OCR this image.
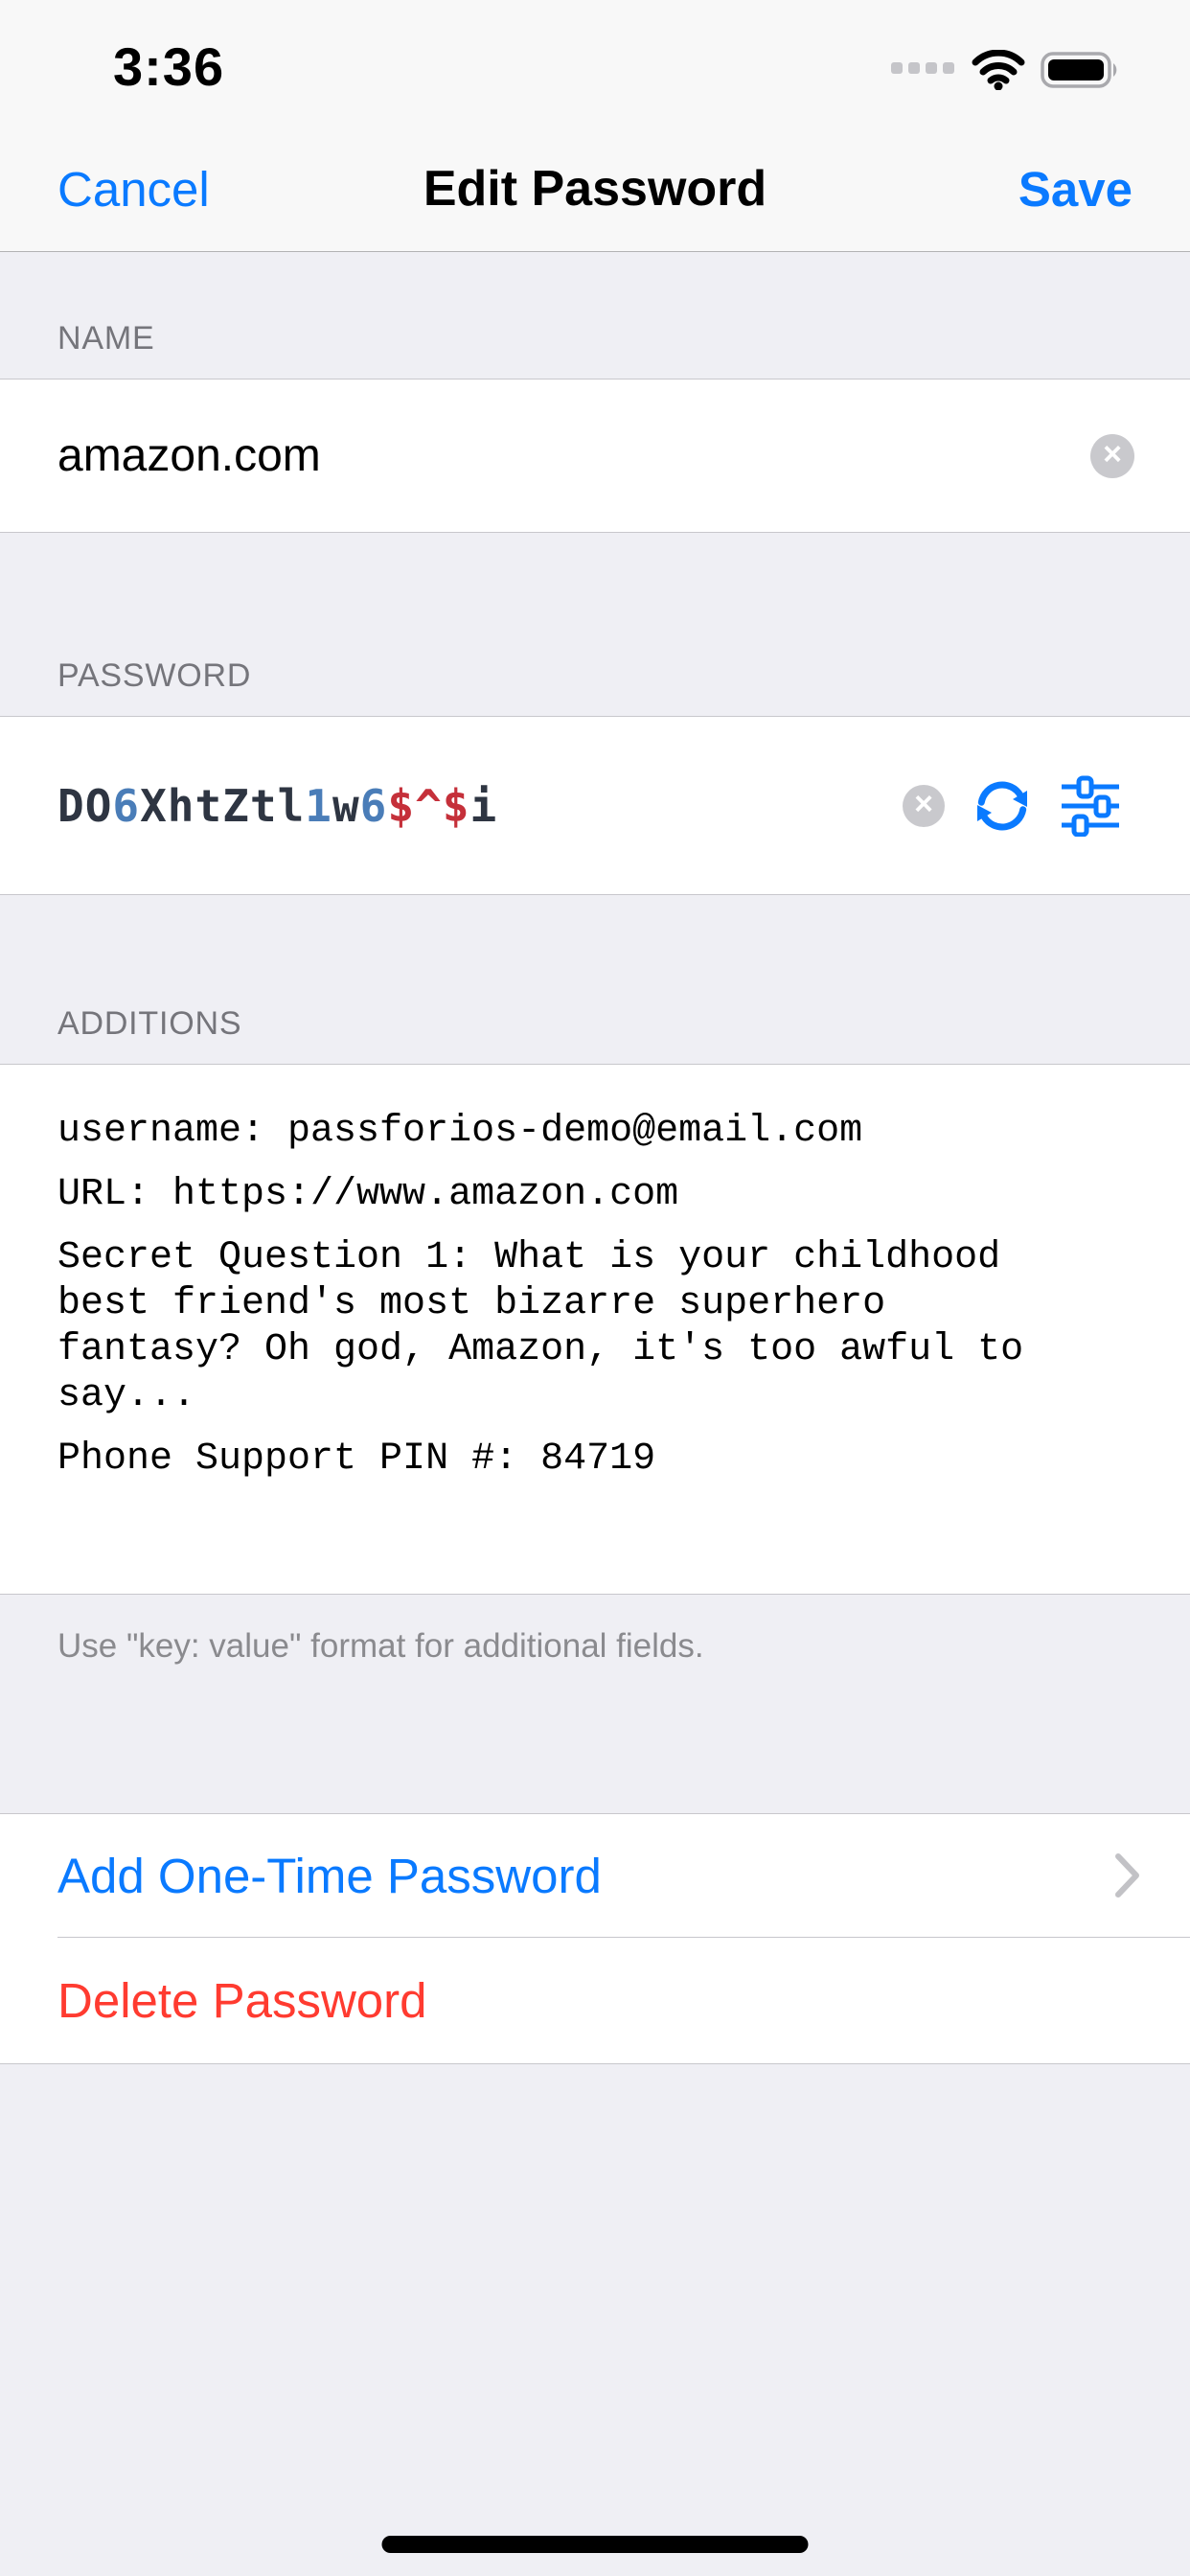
3:36
Cancel	Edit Password	Save
NAME
amazon.com	×
PASSWORD
DO6XhtZtl1w6$^$i	×
ADDITIONS

username: passforios-demo@email.com

URL: https://www.amazon.com

Secret Question 1: What is your childhood best friend's most bizarre superhero fantasy? Oh god, Amazon, it's too awful to say...

Phone Support PIN #: 84719

Use "key: value" format for additional fields.
Add One-Time Password
Delete Password
